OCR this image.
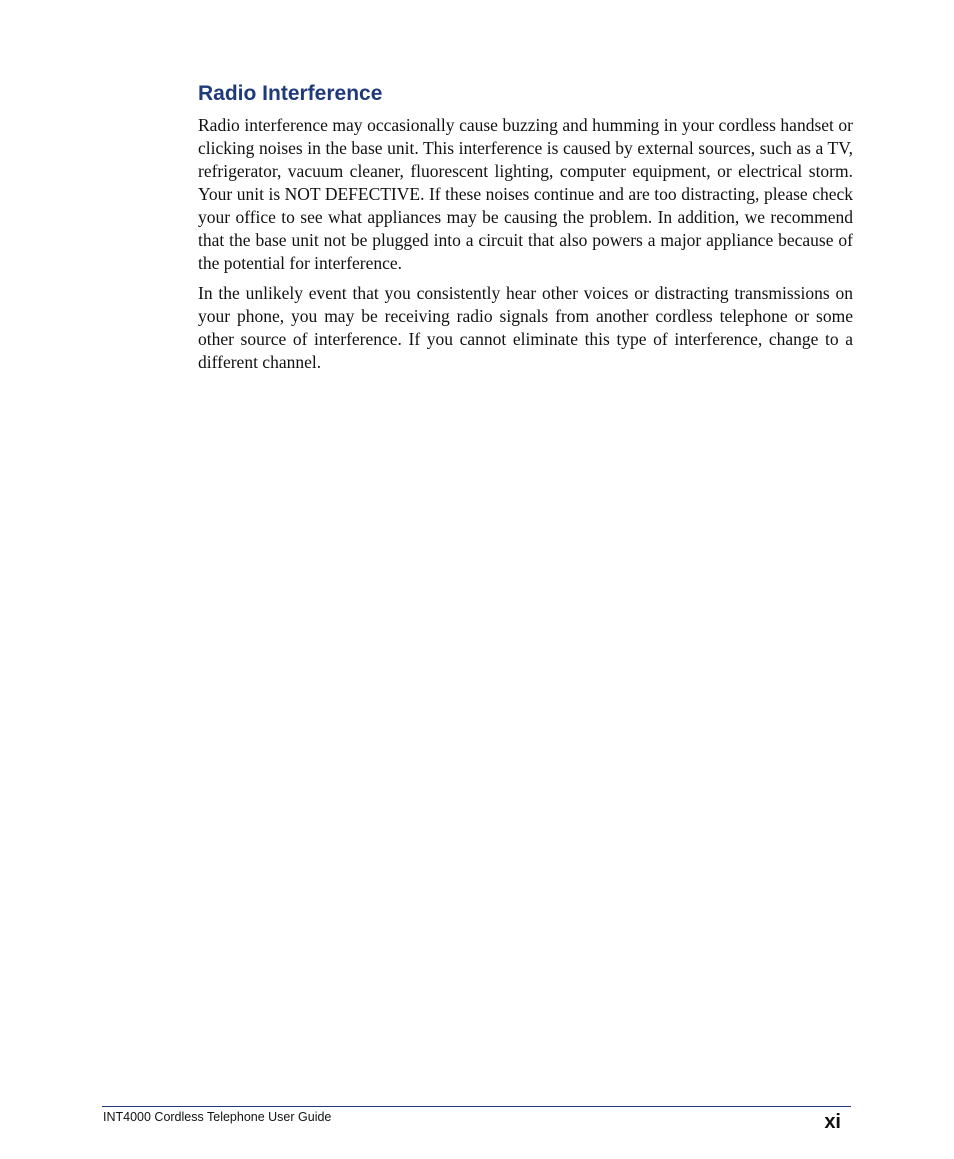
Radio Interference

Radio interference may occasionally cause buzzing and humming in your cordless handset or clicking noises in the base unit. This interference is caused by external sources, such as a TV, refrigerator, vacuum cleaner, fluorescent lighting, computer equipment, or electrical storm. Your unit is NOT DEFECTIVE. If these noises continue and are too distracting, please check your office to see what appliances may be causing the problem. In addition, we recommend that the base unit not be plugged into a circuit that also powers a major appliance because of the potential for interference.

In the unlikely event that you consistently hear other voices or distracting transmissions on your phone, you may be receiving radio signals from another cordless telephone or some other source of interference. If you cannot eliminate this type of interference, change to a different channel.

INT4000 Cordless Telephone User Guide	xi
